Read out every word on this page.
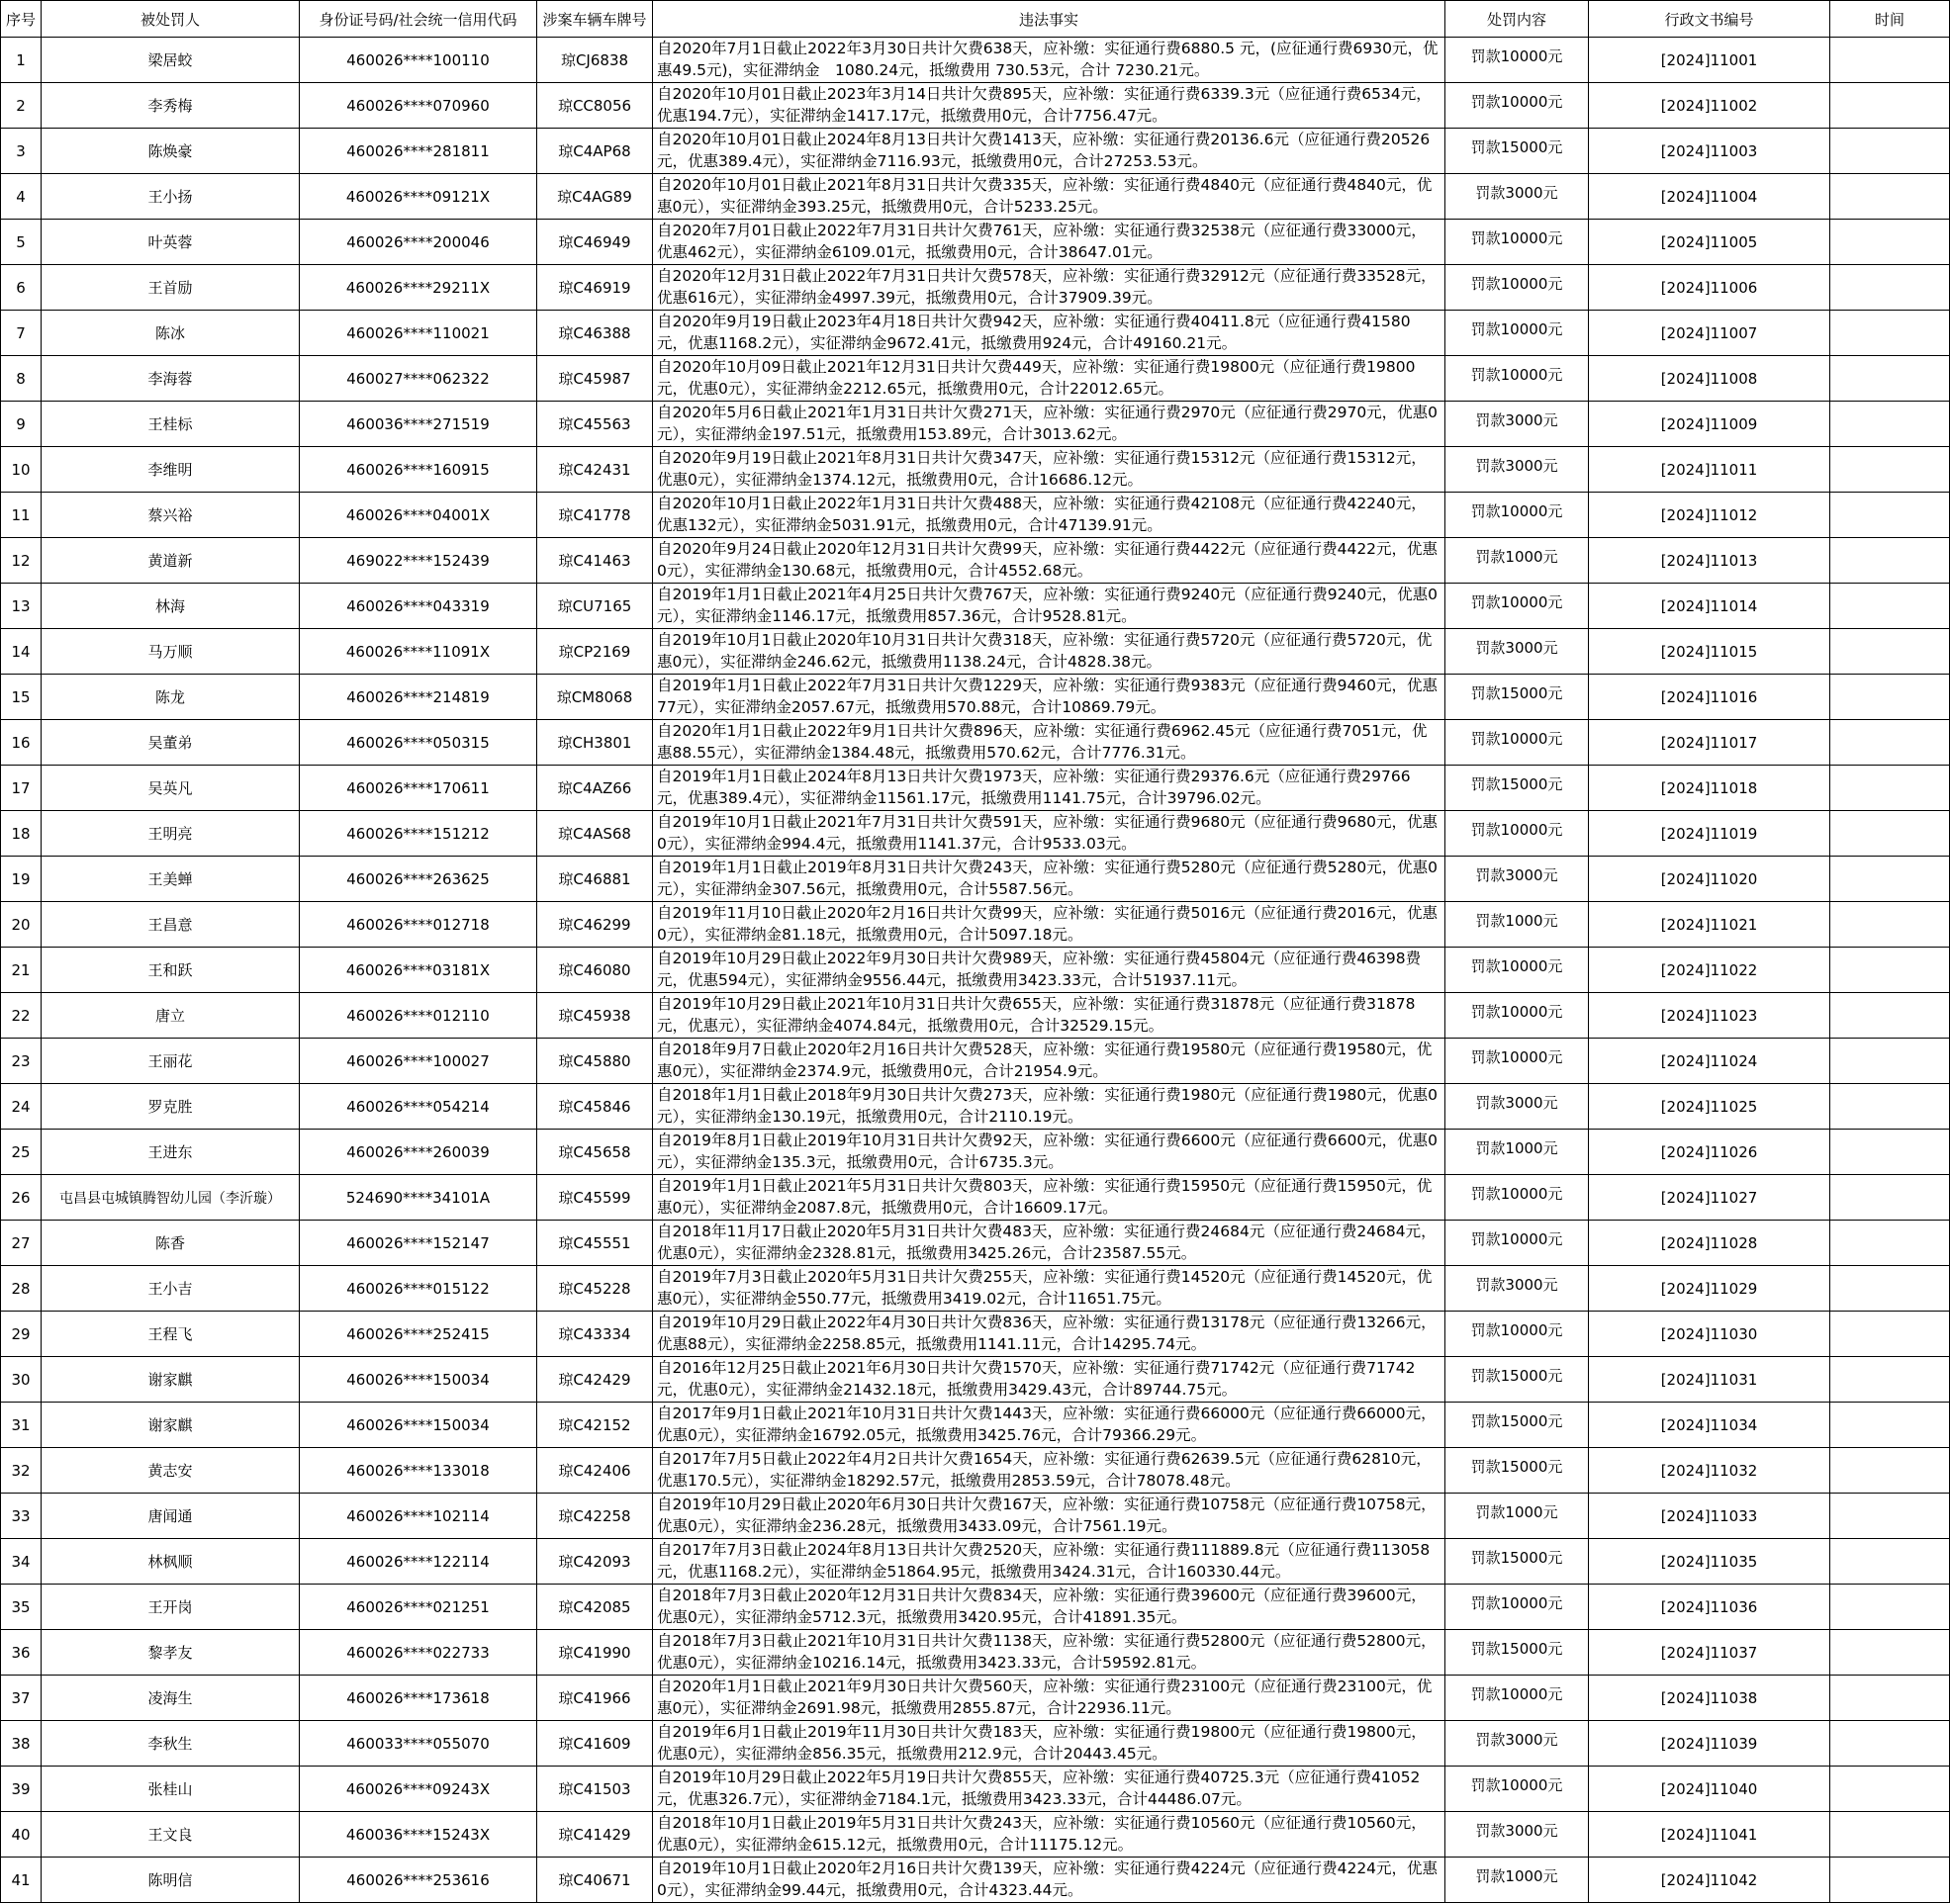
序号	被处罚人	身份证号码/社会统一信用代码	涉案车辆车牌号	违法事实	处罚内容	行政文书编号	时间
1	梁居蛟	460026****100110	琼CJ6838	自2020年7月1日截止2022年3月30日共计欠费638天，应补缴：实征通行费6880.5 元，(应征通行费6930元，优惠49.5元)，实征滞纳金　1080.24元，抵缴费用 730.53元，合计 7230.21元。	罚款10000元	[2024]11001	
2	李秀梅	460026****070960	琼CC8056	自2020年10月01日截止2023年3月14日共计欠费895天，应补缴：实征通行费6339.3元（应征通行费6534元，优惠194.7元），实征滞纳金1417.17元，抵缴费用0元，合计7756.47元。	罚款10000元	[2024]11002	
3	陈焕豪	460026****281811	琼C4AP68	自2020年10月01日截止2024年8月13日共计欠费1413天，应补缴：实征通行费20136.6元（应征通行费20526元，优惠389.4元），实征滞纳金7116.93元，抵缴费用0元，合计27253.53元。	罚款15000元	[2024]11003	
4	王小扬	460026****09121X	琼C4AG89	自2020年10月01日截止2021年8月31日共计欠费335天，应补缴：实征通行费4840元（应征通行费4840元，优惠0元），实征滞纳金393.25元，抵缴费用0元，合计5233.25元。	罚款3000元	[2024]11004	
5	叶英蓉	460026****200046	琼C46949	自2020年7月01日截止2022年7月31日共计欠费761天，应补缴：实征通行费32538元（应征通行费33000元，优惠462元），实征滞纳金6109.01元，抵缴费用0元，合计38647.01元。	罚款10000元	[2024]11005	
6	王首励	460026****29211X	琼C46919	自2020年12月31日截止2022年7月31日共计欠费578天，应补缴：实征通行费32912元（应征通行费33528元，优惠616元），实征滞纳金4997.39元，抵缴费用0元，合计37909.39元。	罚款10000元	[2024]11006	
7	陈冰	460026****110021	琼C46388	自2020年9月19日截止2023年4月18日共计欠费942天，应补缴：实征通行费40411.8元（应征通行费41580元，优惠1168.2元），实征滞纳金9672.41元，抵缴费用924元，合计49160.21元。	罚款10000元	[2024]11007	
8	李海蓉	460027****062322	琼C45987	自2020年10月09日截止2021年12月31日共计欠费449天，应补缴：实征通行费19800元（应征通行费19800元，优惠0元），实征滞纳金2212.65元，抵缴费用0元，合计22012.65元。	罚款10000元	[2024]11008	
9	王桂标	460036****271519	琼C45563	自2020年5月6日截止2021年1月31日共计欠费271天，应补缴：实征通行费2970元（应征通行费2970元，优惠0元），实征滞纳金197.51元，抵缴费用153.89元，合计3013.62元。	罚款3000元	[2024]11009	
10	李维明	460026****160915	琼C42431	自2020年9月19日截止2021年8月31日共计欠费347天，应补缴：实征通行费15312元（应征通行费15312元，优惠0元），实征滞纳金1374.12元，抵缴费用0元，合计16686.12元。	罚款3000元	[2024]11011	
11	蔡兴裕	460026****04001X	琼C41778	自2020年10月1日截止2022年1月31日共计欠费488天，应补缴：实征通行费42108元（应征通行费42240元，优惠132元），实征滞纳金5031.91元，抵缴费用0元，合计47139.91元。	罚款10000元	[2024]11012	
12	黄道新	469022****152439	琼C41463	自2020年9月24日截止2020年12月31日共计欠费99天，应补缴：实征通行费4422元（应征通行费4422元，优惠0元），实征滞纳金130.68元，抵缴费用0元，合计4552.68元。	罚款1000元	[2024]11013	
13	林海	460026****043319	琼CU7165	自2019年1月1日截止2021年4月25日共计欠费767天，应补缴：实征通行费9240元（应征通行费9240元，优惠0元），实征滞纳金1146.17元，抵缴费用857.36元，合计9528.81元。	罚款10000元	[2024]11014	
14	马万顺	460026****11091X	琼CP2169	自2019年10月1日截止2020年10月31日共计欠费318天，应补缴：实征通行费5720元（应征通行费5720元，优惠0元），实征滞纳金246.62元，抵缴费用1138.24元，合计4828.38元。	罚款3000元	[2024]11015	
15	陈龙	460026****214819	琼CM8068	自2019年1月1日截止2022年7月31日共计欠费1229天，应补缴：实征通行费9383元（应征通行费9460元，优惠77元），实征滞纳金2057.67元，抵缴费用570.88元，合计10869.79元。	罚款15000元	[2024]11016	
16	吴董弟	460026****050315	琼CH3801	自2020年1月1日截止2022年9月1日共计欠费896天，应补缴：实征通行费6962.45元（应征通行费7051元，优惠88.55元），实征滞纳金1384.48元，抵缴费用570.62元，合计7776.31元。	罚款10000元	[2024]11017	
17	吴英凡	460026****170611	琼C4AZ66	自2019年1月1日截止2024年8月13日共计欠费1973天，应补缴：实征通行费29376.6元（应征通行费29766元，优惠389.4元），实征滞纳金11561.17元，抵缴费用1141.75元，合计39796.02元。	罚款15000元	[2024]11018	
18	王明亮	460026****151212	琼C4AS68	自2019年10月1日截止2021年7月31日共计欠费591天，应补缴：实征通行费9680元（应征通行费9680元，优惠0元），实征滞纳金994.4元，抵缴费用1141.37元，合计9533.03元。	罚款10000元	[2024]11019	
19	王美蝉	460026****263625	琼C46881	自2019年1月1日截止2019年8月31日共计欠费243天，应补缴：实征通行费5280元（应征通行费5280元，优惠0元），实征滞纳金307.56元，抵缴费用0元，合计5587.56元。	罚款3000元	[2024]11020	
20	王昌意	460026****012718	琼C46299	自2019年11月10日截止2020年2月16日共计欠费99天，应补缴：实征通行费5016元（应征通行费2016元，优惠0元），实征滞纳金81.18元，抵缴费用0元，合计5097.18元。	罚款1000元	[2024]11021	
21	王和跃	460026****03181X	琼C46080	自2019年10月29日截止2022年9月30日共计欠费989天，应补缴：实征通行费45804元（应征通行费46398费元，优惠594元），实征滞纳金9556.44元，抵缴费用3423.33元，合计51937.11元。	罚款10000元	[2024]11022	
22	唐立	460026****012110	琼C45938	自2019年10月29日截止2021年10月31日共计欠费655天，应补缴：实征通行费31878元（应征通行费31878元，优惠元），实征滞纳金4074.84元，抵缴费用0元，合计32529.15元。	罚款10000元	[2024]11023	
23	王丽花	460026****100027	琼C45880	自2018年9月7日截止2020年2月16日共计欠费528天，应补缴：实征通行费19580元（应征通行费19580元，优惠0元），实征滞纳金2374.9元，抵缴费用0元，合计21954.9元。	罚款10000元	[2024]11024	
24	罗克胜	460026****054214	琼C45846	自2018年1月1日截止2018年9月30日共计欠费273天，应补缴：实征通行费1980元（应征通行费1980元，优惠0元），实征滞纳金130.19元，抵缴费用0元，合计2110.19元。	罚款3000元	[2024]11025	
25	王进东	460026****260039	琼C45658	自2019年8月1日截止2019年10月31日共计欠费92天，应补缴：实征通行费6600元（应征通行费6600元，优惠0元），实征滞纳金135.3元，抵缴费用0元，合计6735.3元。	罚款1000元	[2024]11026	
26	屯昌县屯城镇腾智幼儿园（李沂璇）	524690****34101A	琼C45599	自2019年1月1日截止2021年5月31日共计欠费803天，应补缴：实征通行费15950元（应征通行费15950元，优惠0元），实征滞纳金2087.8元，抵缴费用0元，合计16609.17元。	罚款10000元	[2024]11027	
27	陈香	460026****152147	琼C45551	自2018年11月17日截止2020年5月31日共计欠费483天，应补缴：实征通行费24684元（应征通行费24684元，优惠0元），实征滞纳金2328.81元，抵缴费用3425.26元，合计23587.55元。	罚款10000元	[2024]11028	
28	王小吉	460026****015122	琼C45228	自2019年7月3日截止2020年5月31日共计欠费255天，应补缴：实征通行费14520元（应征通行费14520元，优惠0元），实征滞纳金550.77元，抵缴费用3419.02元，合计11651.75元。	罚款3000元	[2024]11029	
29	王程飞	460026****252415	琼C43334	自2019年10月29日截止2022年4月30日共计欠费836天，应补缴：实征通行费13178元（应征通行费13266元，优惠88元），实征滞纳金2258.85元，抵缴费用1141.11元，合计14295.74元。	罚款10000元	[2024]11030	
30	谢家麒	460026****150034	琼C42429	自2016年12月25日截止2021年6月30日共计欠费1570天，应补缴：实征通行费71742元（应征通行费71742元，优惠0元），实征滞纳金21432.18元，抵缴费用3429.43元，合计89744.75元。	罚款15000元	[2024]11031	
31	谢家麒	460026****150034	琼C42152	自2017年9月1日截止2021年10月31日共计欠费1443天，应补缴：实征通行费66000元（应征通行费66000元，优惠0元），实征滞纳金16792.05元，抵缴费用3425.76元，合计79366.29元。	罚款15000元	[2024]11034	
32	黄志安	460026****133018	琼C42406	自2017年7月5日截止2022年4月2日共计欠费1654天，应补缴：实征通行费62639.5元（应征通行费62810元，优惠170.5元），实征滞纳金18292.57元，抵缴费用2853.59元，合计78078.48元。	罚款15000元	[2024]11032	
33	唐闻通	460026****102114	琼C42258	自2019年10月29日截止2020年6月30日共计欠费167天，应补缴：实征通行费10758元（应征通行费10758元，优惠0元），实征滞纳金236.28元，抵缴费用3433.09元，合计7561.19元。	罚款1000元	[2024]11033	
34	林枫顺	460026****122114	琼C42093	自2017年7月3日截止2024年8月13日共计欠费2520天，应补缴：实征通行费111889.8元（应征通行费113058元，优惠1168.2元），实征滞纳金51864.95元，抵缴费用3424.31元，合计160330.44元。	罚款15000元	[2024]11035	
35	王开岗	460026****021251	琼C42085	自2018年7月3日截止2020年12月31日共计欠费834天，应补缴：实征通行费39600元（应征通行费39600元，优惠0元），实征滞纳金5712.3元，抵缴费用3420.95元，合计41891.35元。	罚款10000元	[2024]11036	
36	黎孝友	460026****022733	琼C41990	自2018年7月3日截止2021年10月31日共计欠费1138天，应补缴：实征通行费52800元（应征通行费52800元，优惠0元），实征滞纳金10216.14元，抵缴费用3423.33元，合计59592.81元。	罚款15000元	[2024]11037	
37	凌海生	460026****173618	琼C41966	自2020年1月1日截止2021年9月30日共计欠费560天，应补缴：实征通行费23100元（应征通行费23100元，优惠0元），实征滞纳金2691.98元，抵缴费用2855.87元，合计22936.11元。	罚款10000元	[2024]11038	
38	李秋生	460033****055070	琼C41609	自2019年6月1日截止2019年11月30日共计欠费183天，应补缴：实征通行费19800元（应征通行费19800元，优惠0元），实征滞纳金856.35元，抵缴费用212.9元，合计20443.45元。	罚款3000元	[2024]11039	
39	张桂山	460026****09243X	琼C41503	自2019年10月29日截止2022年5月19日共计欠费855天，应补缴：实征通行费40725.3元（应征通行费41052元，优惠326.7元），实征滞纳金7184.1元，抵缴费用3423.33元，合计44486.07元。	罚款10000元	[2024]11040	
40	王文良	460036****15243X	琼C41429	自2018年10月1日截止2019年5月31日共计欠费243天，应补缴：实征通行费10560元（应征通行费10560元，优惠0元），实征滞纳金615.12元，抵缴费用0元，合计11175.12元。	罚款3000元	[2024]11041	
41	陈明信	460026****253616	琼C40671	自2019年10月1日截止2020年2月16日共计欠费139天，应补缴：实征通行费4224元（应征通行费4224元，优惠0元），实征滞纳金99.44元，抵缴费用0元，合计4323.44元。	罚款1000元	[2024]11042	
